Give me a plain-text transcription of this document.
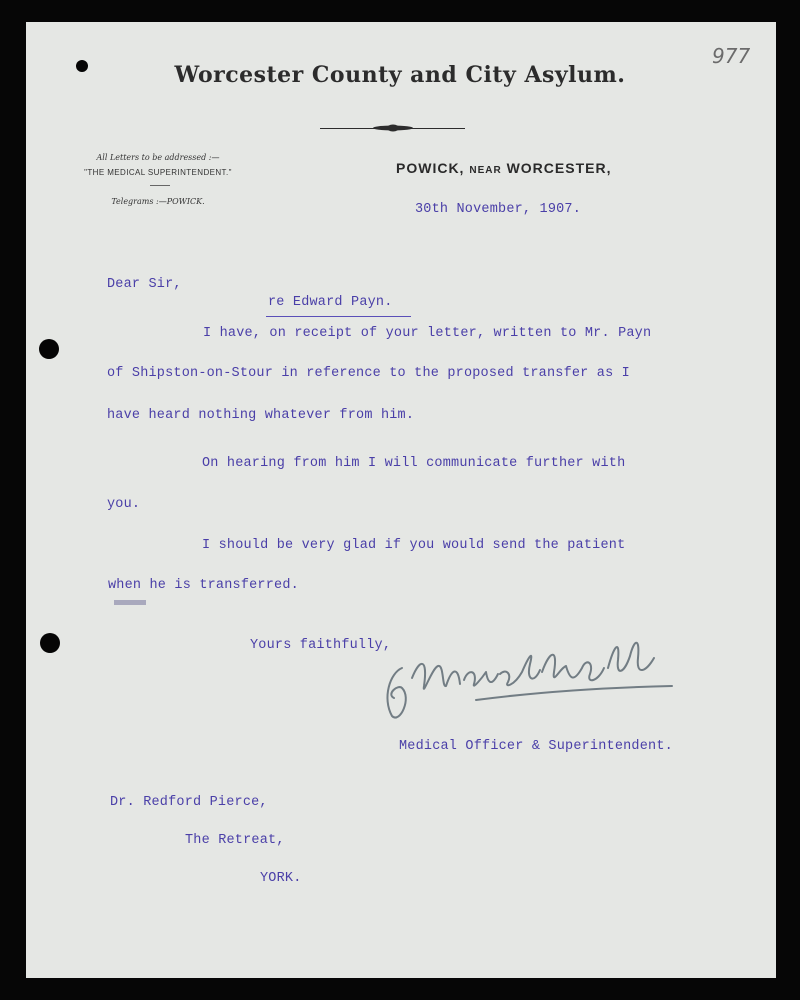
977
Worcester County and City Asylum.
All Letters to be addressed :—
"THE MEDICAL SUPERINTENDENT."
Telegrams :—POWICK.
POWICK, NEAR WORCESTER,
30th November, 1907.
Dear Sir,
re Edward Payn.
I have, on receipt of your letter, written to Mr. Payn
of Shipston-on-Stour in reference to the proposed transfer as I
have heard nothing whatever from him.
On hearing from him I will communicate further with
you.
I should be very glad if you would send the patient
when he is transferred.
Yours faithfully,
G. Maine Hartwell
Medical Officer & Superintendent.
Dr. Redford Pierce,
The Retreat,
YORK.
